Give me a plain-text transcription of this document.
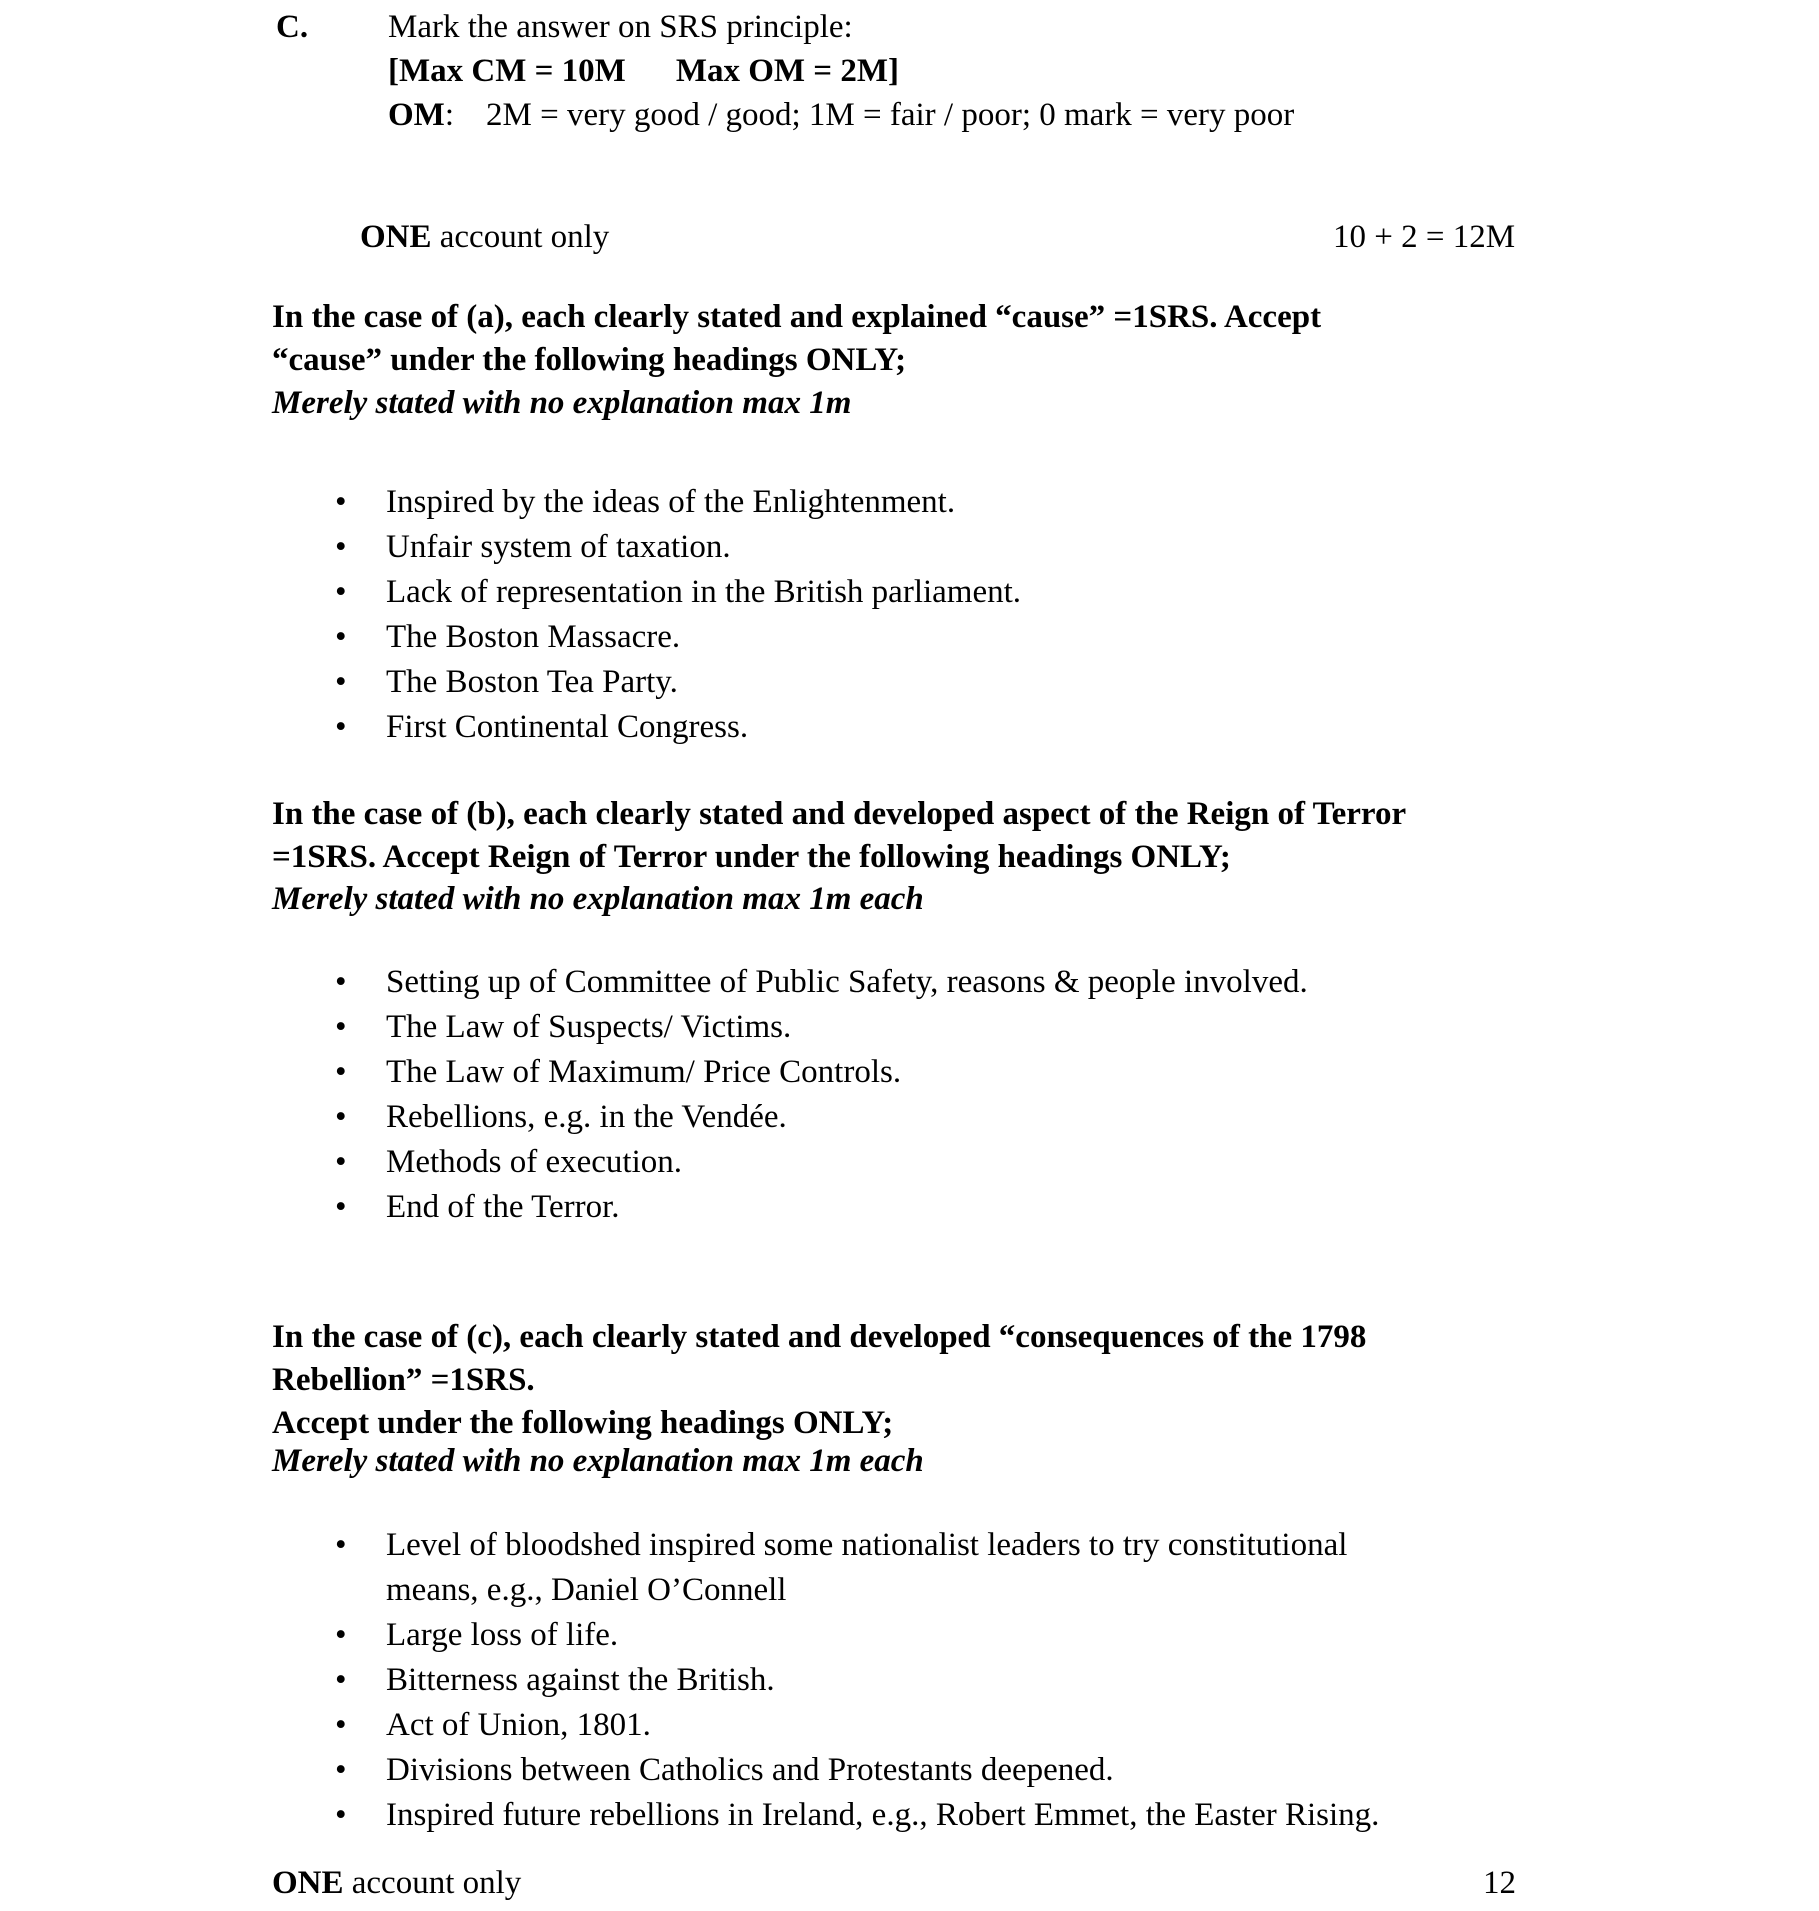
C. Mark the answer on SRS principle:
[Max CM = 10M Max OM = 2M]
OM: 2M = very good / good; 1M = fair / poor; 0 mark = very poor
ONE account only	10 + 2 = 12M
In the case of (a), each clearly stated and explained “cause” =1SRS. Accept
“cause” under the following headings ONLY;
Merely stated with no explanation max 1m
•	Inspired by the ideas of the Enlightenment.
•	Unfair system of taxation.
•	Lack of representation in the British parliament.
•	The Boston Massacre.
•	The Boston Tea Party.
•	First Continental Congress.
In the case of (b), each clearly stated and developed aspect of the Reign of Terror
=1SRS. Accept Reign of Terror under the following headings ONLY;
Merely stated with no explanation max 1m each
•	Setting up of Committee of Public Safety, reasons & people involved.
•	The Law of Suspects/ Victims.
•	The Law of Maximum/ Price Controls.
•	Rebellions, e.g. in the Vendée.
•	Methods of execution.
•	End of the Terror.
In the case of (c), each clearly stated and developed “consequences of the 1798
Rebellion” =1SRS.
Accept under the following headings ONLY;
Merely stated with no explanation max 1m each
•	Level of bloodshed inspired some nationalist leaders to try constitutional
means, e.g., Daniel O’Connell
•	Large loss of life.
•	Bitterness against the British.
•	Act of Union, 1801.
•	Divisions between Catholics and Protestants deepened.
•	Inspired future rebellions in Ireland, e.g., Robert Emmet, the Easter Rising.
ONE account only	12
